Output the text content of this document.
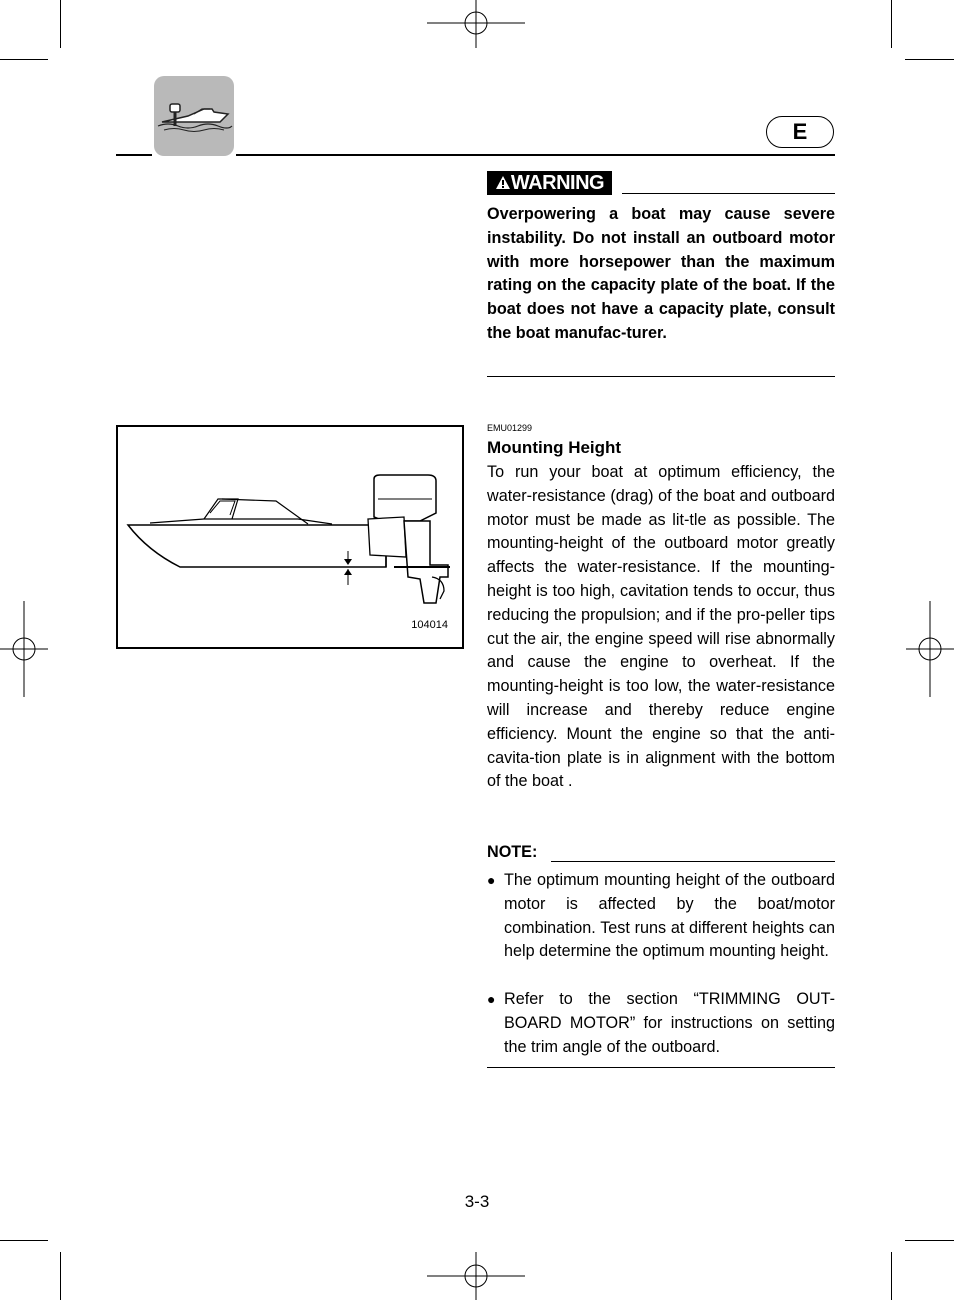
E
WARNING
Overpowering a boat may cause severe instability. Do not install an outboard motor with more horsepower than the maximum rating on the capacity plate of the boat. If the boat does not have a capacity plate, consult the boat manufac-turer.
104014
EMU01299
Mounting Height
To run your boat at optimum efficiency, the water-resistance (drag) of the boat and outboard motor must be made as lit-tle as possible. The mounting-height of the outboard motor greatly affects the water-resistance. If the mounting-height is too high, cavitation tends to occur, thus reducing the propulsion; and if the pro-peller tips cut the air, the engine speed will rise abnormally and cause the engine to overheat. If the mounting-height is too low, the water-resistance will increase and thereby reduce engine efficiency. Mount the engine so that the anti-cavita-tion plate is in alignment with the bottom of the boat .
NOTE:
● The optimum mounting height of the outboard motor is affected by the boat/motor combination. Test runs at different heights can help determine the optimum mounting height.
● Refer to the section “TRIMMING OUT-BOARD MOTOR” for instructions on setting the trim angle of the outboard.
3-3
